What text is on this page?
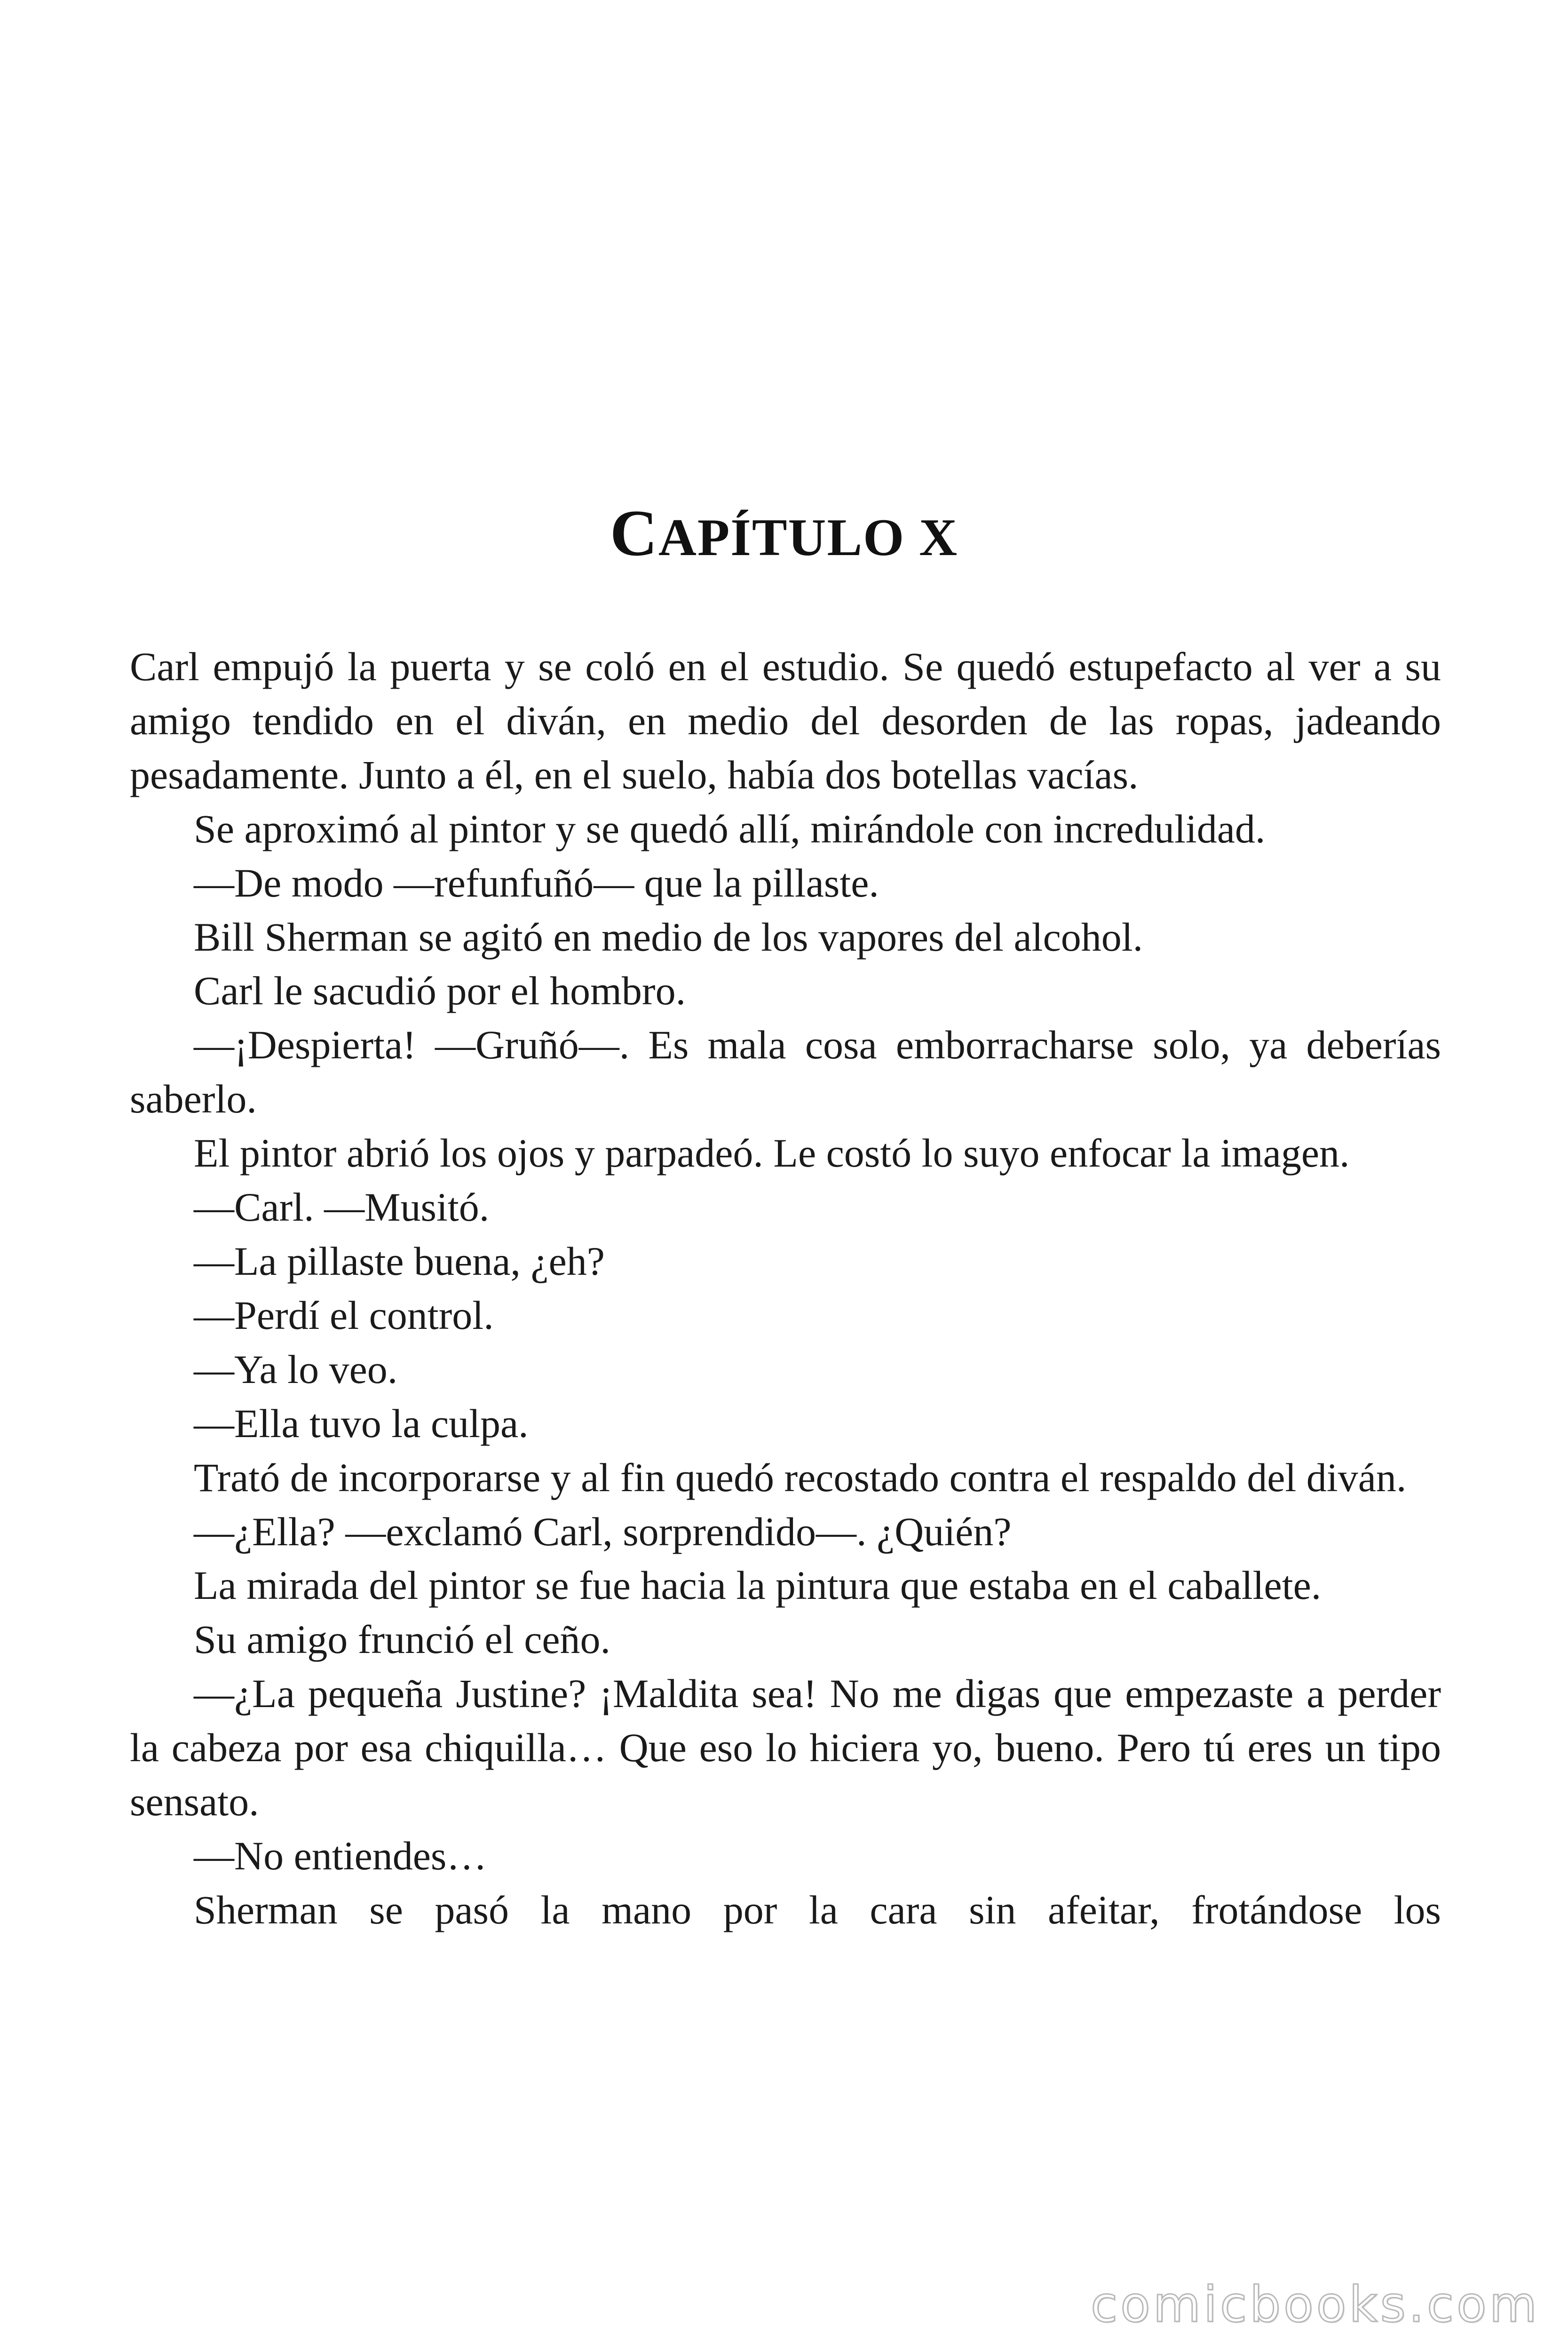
CAPÍTULO X

Carl empujó la puerta y se coló en el estudio. Se quedó estupefacto al ver a su amigo tendido en el diván, en medio del desorden de las ropas, jadeando pesadamente. Junto a él, en el suelo, había dos botellas vacías.

Se aproximó al pintor y se quedó allí, mirándole con incredulidad.

—De modo —refunfuñó— que la pillaste.

Bill Sherman se agitó en medio de los vapores del alcohol.

Carl le sacudió por el hombro.

—¡Despierta! —Gruñó—. Es mala cosa emborracharse solo, ya deberías saberlo.

El pintor abrió los ojos y parpadeó. Le costó lo suyo enfocar la imagen.

—Carl. —Musitó.

—La pillaste buena, ¿eh?

—Perdí el control.

—Ya lo veo.

—Ella tuvo la culpa.

Trató de incorporarse y al fin quedó recostado contra el respaldo del diván.

—¿Ella? —exclamó Carl, sorprendido—. ¿Quién?

La mirada del pintor se fue hacia la pintura que estaba en el caballete.

Su amigo frunció el ceño.

—¿La pequeña Justine? ¡Maldita sea! No me digas que empezaste a perder la cabeza por esa chiquilla… Que eso lo hiciera yo, bueno. Pero tú eres un tipo sensato.

—No entiendes…

Sherman se pasó la mano por la cara sin afeitar, frotándose los

comicbooks.com
